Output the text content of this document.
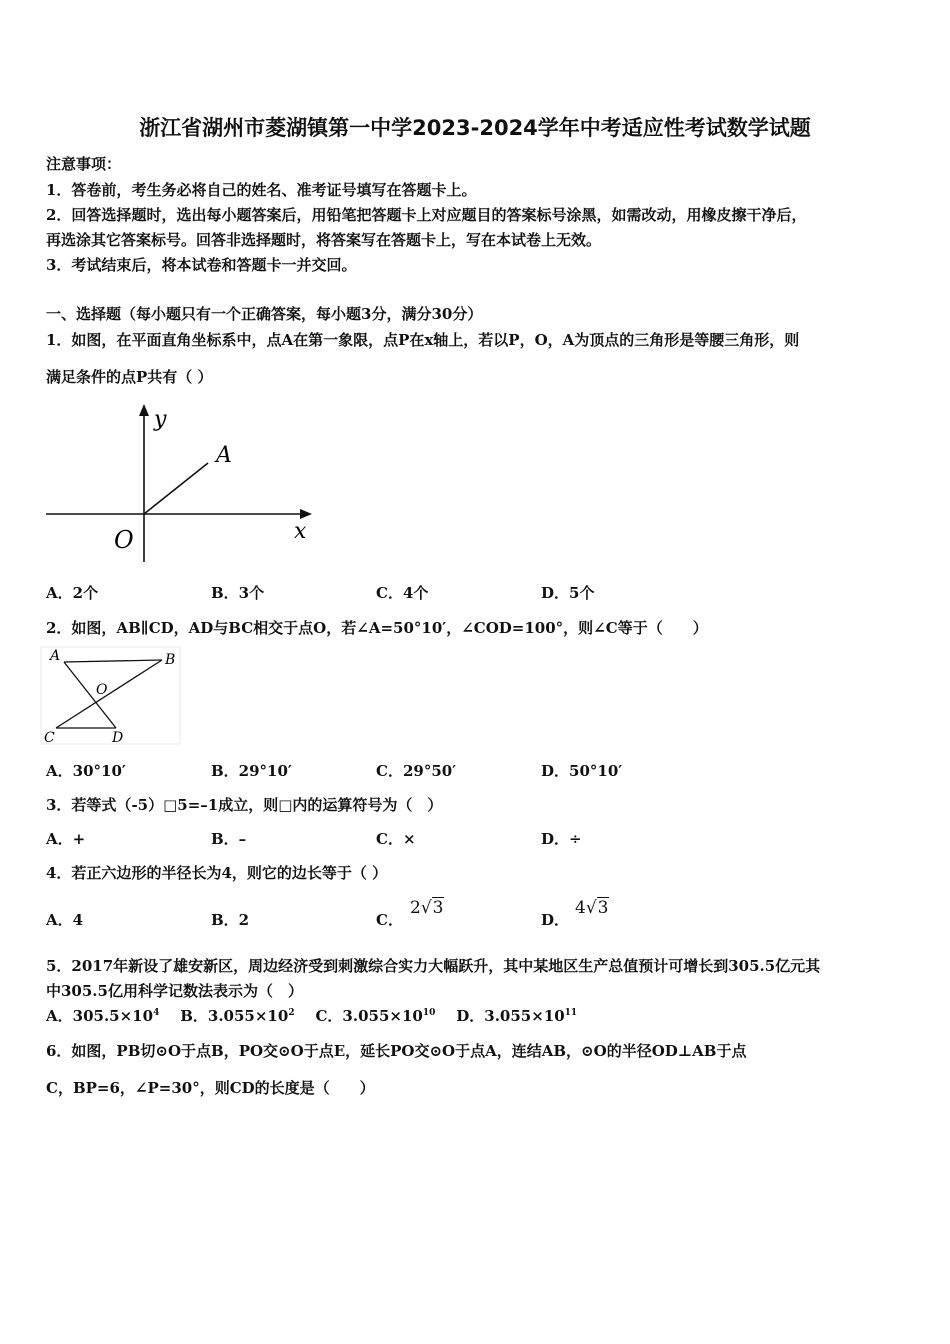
浙江省湖州市菱湖镇第一中学2023-2024学年中考适应性考试数学试题
注意事项：
1．答卷前，考生务必将自己的姓名、准考证号填写在答题卡上。
2．回答选择题时，选出每小题答案后，用铅笔把答题卡上对应题目的答案标号涂黑，如需改动，用橡皮擦干净后，
再选涂其它答案标号。回答非选择题时，将答案写在答题卡上，写在本试卷上无效。
3．考试结束后，将本试卷和答题卡一并交回。
一、选择题（每小题只有一个正确答案，每小题3分，满分30分）
1．如图，在平面直角坐标系中，点A在第一象限，点P在x轴上，若以P，O，A为顶点的三角形是等腰三角形，则
满足条件的点P共有（ ）
y
A
O	x
A．2个	B．3个	C．4个	D．5个
2．如图，AB∥CD，AD与BC相交于点O，若∠A=50°10′，∠COD=100°，则∠C等于（　　）
A	B
O
C	D
A．30°10′	B．29°10′	C．29°50′	D．50°10′
3．若等式（-5）□5=–1成立，则□内的运算符号为（　）
A．+	B．–	C．×	D．÷
4．若正六边形的半径长为4，则它的边长等于（ ）
A．4	B．2	C．
2√3
D．
4√3
5．2017年新设了雄安新区，周边经济受到刺激综合实力大幅跃升，其中某地区生产总值预计可增长到305.5亿元其
中305.5亿用科学记数法表示为（　）
A．$305.5\times 10^4$ B．$3.055\times 10^2$ C．$3.055\times 10^{10}$ D．$3.055\times 10^{11}$
6．如图，PB切⊙O于点B，PO交⊙O于点E，延长PO交⊙O于点A，连结AB，⊙O的半径OD⊥AB于点
C，BP=6，∠P=30°，则CD的长度是（　　）
